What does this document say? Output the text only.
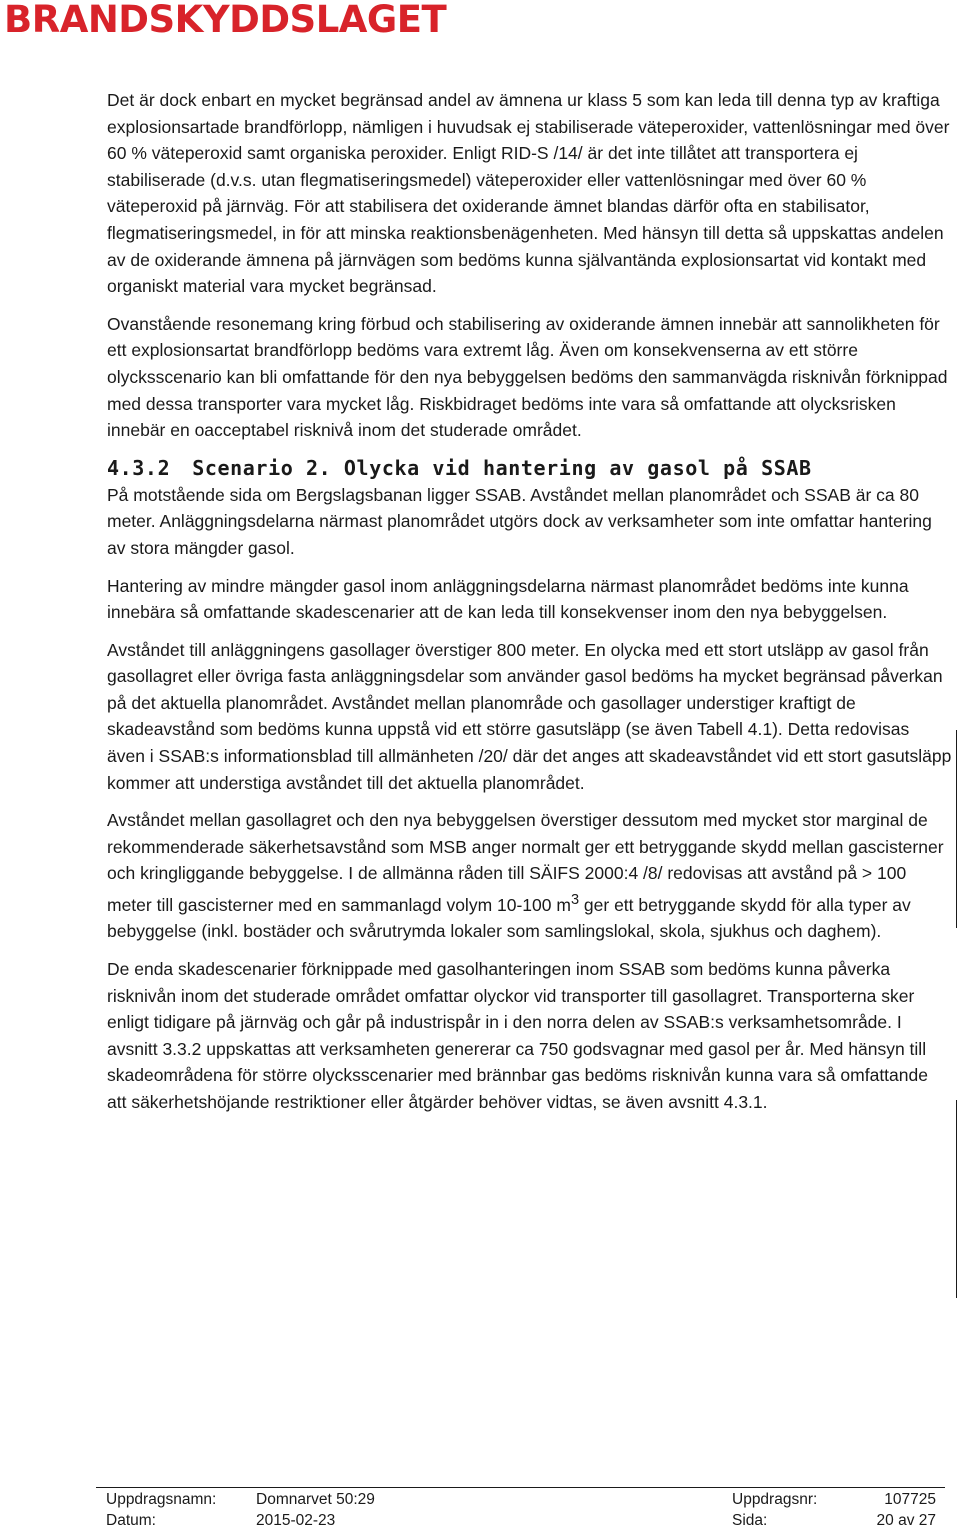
BRANDSKYDDSLAGET

Det är dock enbart en mycket begränsad andel av ämnena ur klass 5 som kan leda till denna typ av kraftiga explosionsartade brandförlopp, nämligen i huvudsak ej stabiliserade väteperoxider, vattenlösningar med över 60 % väteperoxid samt organiska peroxider. Enligt RID-S /14/ är det inte tillåtet att transportera ej stabiliserade (d.v.s. utan flegmatiseringsmedel) väteperoxider eller vattenlösningar med över 60 % väteperoxid på järnväg. För att stabilisera det oxiderande ämnet blandas därför ofta en stabilisator, flegmatiseringsmedel, in för att minska reaktionsbenägenheten. Med hänsyn till detta så uppskattas andelen av de oxiderande ämnena på järnvägen som bedöms kunna självantända explosionsartat vid kontakt med organiskt material vara mycket begränsad.

Ovanstående resonemang kring förbud och stabilisering av oxiderande ämnen innebär att sannolikheten för ett explosionsartat brandförlopp bedöms vara extremt låg. Även om konsekvenserna av ett större olycksscenario kan bli omfattande för den nya bebyggelsen bedöms den sammanvägda risknivån förknippad med dessa transporter vara mycket låg. Riskbidraget bedöms inte vara så omfattande att olycksrisken innebär en oacceptabel risknivå inom det studerade området.

4.3.2 Scenario 2. Olycka vid hantering av gasol på SSAB

På motstående sida om Bergslagsbanan ligger SSAB. Avståndet mellan planområdet och SSAB är ca 80 meter. Anläggningsdelarna närmast planområdet utgörs dock av verksamheter som inte omfattar hantering av stora mängder gasol.

Hantering av mindre mängder gasol inom anläggningsdelarna närmast planområdet bedöms inte kunna innebära så omfattande skadescenarier att de kan leda till konsekvenser inom den nya bebyggelsen.

Avståndet till anläggningens gasollager överstiger 800 meter. En olycka med ett stort utsläpp av gasol från gasollagret eller övriga fasta anläggningsdelar som använder gasol bedöms ha mycket begränsad påverkan på det aktuella planområdet. Avståndet mellan planområde och gasollager understiger kraftigt de skadeavstånd som bedöms kunna uppstå vid ett större gasutsläpp (se även Tabell 4.1). Detta redovisas även i SSAB:s informationsblad till allmänheten /20/ där det anges att skadeavståndet vid ett stort gasutsläpp kommer att understiga avståndet till det aktuella planområdet.

Avståndet mellan gasollagret och den nya bebyggelsen överstiger dessutom med mycket stor marginal de rekommenderade säkerhetsavstånd som MSB anger normalt ger ett betryggande skydd mellan gascisterner och kringliggande bebyggelse. I de allmänna råden till SÄIFS 2000:4 /8/ redovisas att avstånd på > 100 meter till gascisterner med en sammanlagd volym 10-100 $m^3$ ger ett betryggande skydd för alla typer av bebyggelse (inkl. bostäder och svårutrymda lokaler som samlingslokal, skola, sjukhus och daghem).

De enda skadescenarier förknippade med gasolhanteringen inom SSAB som bedöms kunna påverka risknivån inom det studerade området omfattar olyckor vid transporter till gasollagret. Transporterna sker enligt tidigare på järnväg och går på industrispår in i den norra delen av SSAB:s verksamhetsområde. I avsnitt 3.3.2 uppskattas att verksamheten genererar ca 750 godsvagnar med gasol per år. Med hänsyn till skadeområdena för större olycksscenarier med brännbar gas bedöms risknivån kunna vara så omfattande att säkerhetshöjande restriktioner eller åtgärder behöver vidtas, se även avsnitt 4.3.1.

Uppdragsnamn:	Domnarvet 50:29	Uppdragsnr:	107725
Datum:	2015-02-23	Sida:	20 av 27
